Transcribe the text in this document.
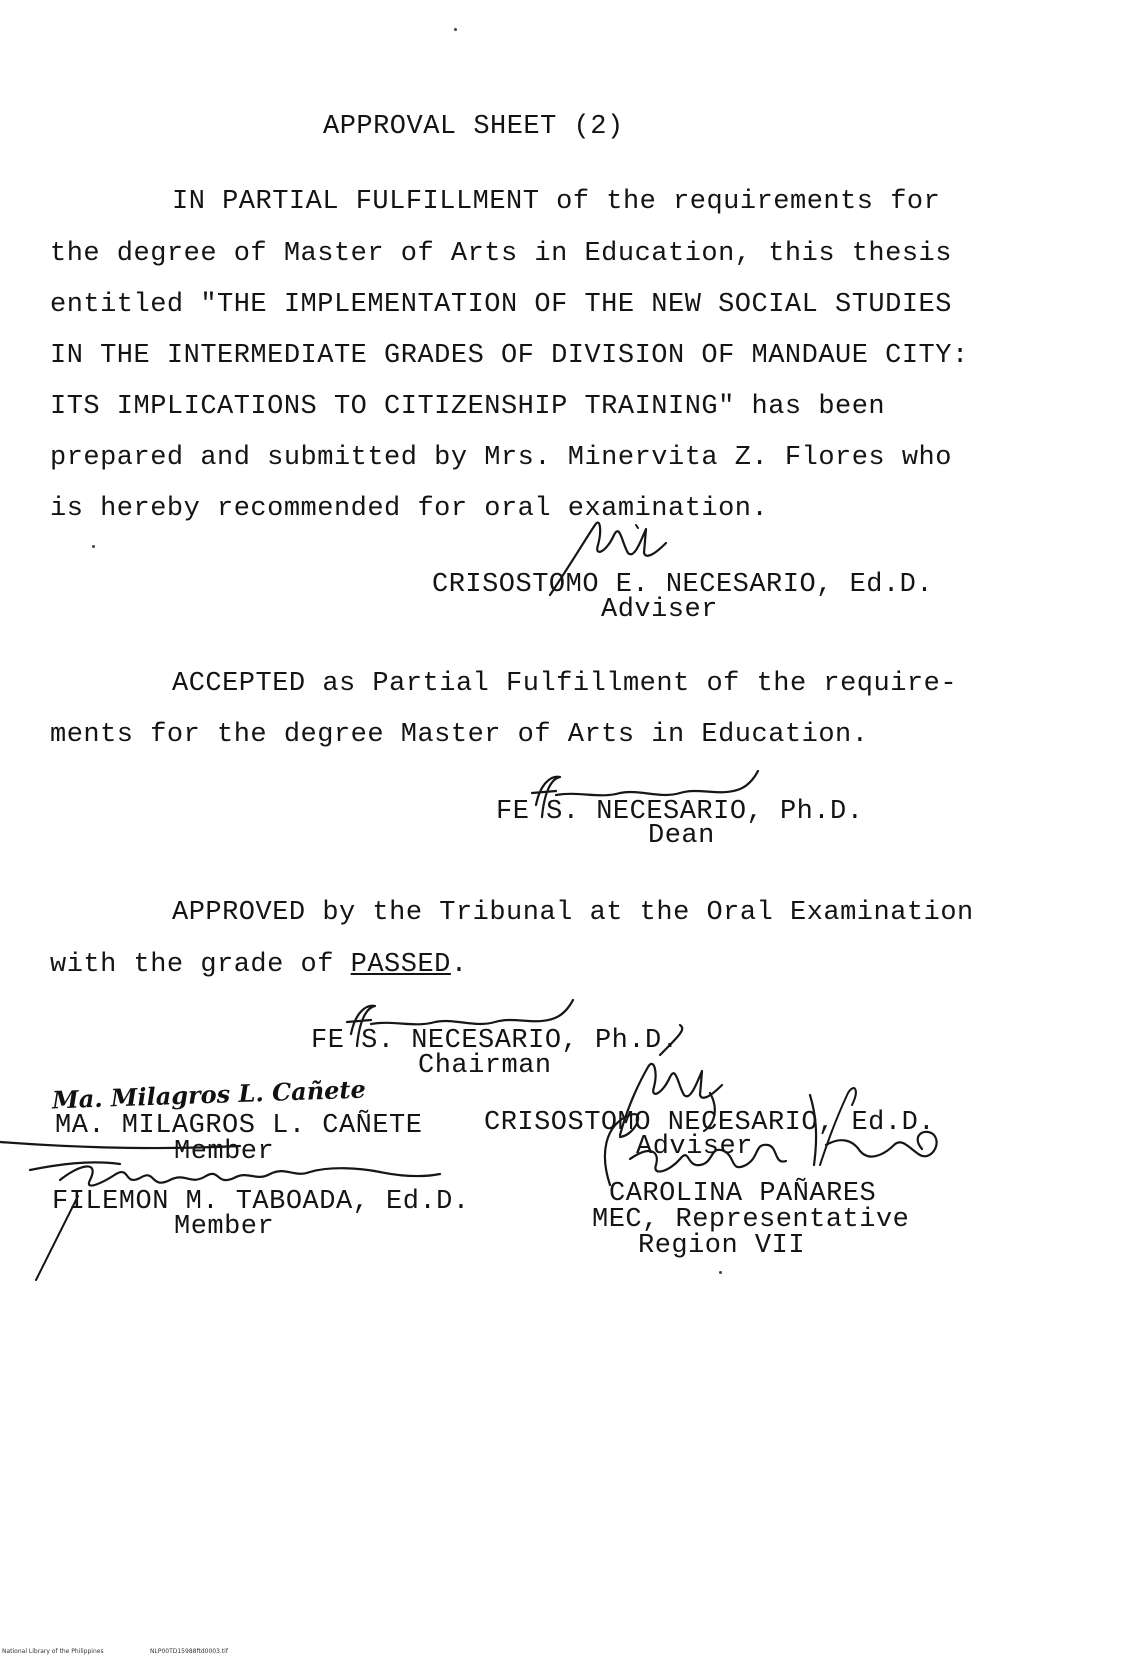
APPROVAL SHEET (2)
IN PARTIAL FULFILLMENT of the requirements for
the degree of Master of Arts in Education, this thesis
entitled "THE IMPLEMENTATION OF THE NEW SOCIAL STUDIES
IN THE INTERMEDIATE GRADES OF DIVISION OF MANDAUE CITY:
ITS IMPLICATIONS TO CITIZENSHIP TRAINING" has been
prepared and submitted by Mrs. Minervita Z. Flores who
is hereby recommended for oral examination.
CRISOSTOMO E. NECESARIO, Ed.D.
Adviser
ACCEPTED as Partial Fulfillment of the require-
ments for the degree Master of Arts in Education.
FE S. NECESARIO, Ph.D.
Dean
APPROVED by the Tribunal at the Oral Examination
with the grade of PASSED.
FE S. NECESARIO, Ph.D.
Chairman
Ma. Milagros L. Cañete
MA. MILAGROS L. CAÑETE
Member
CRISOSTOMO NECESARIO, Ed.D.
Adviser
FILEMON M. TABOADA, Ed.D.
Member
CAROLINA PAÑARES
MEC, Representative
Region VII
National Library of the Philippines	NLP00TD15988ftd0003.tif
